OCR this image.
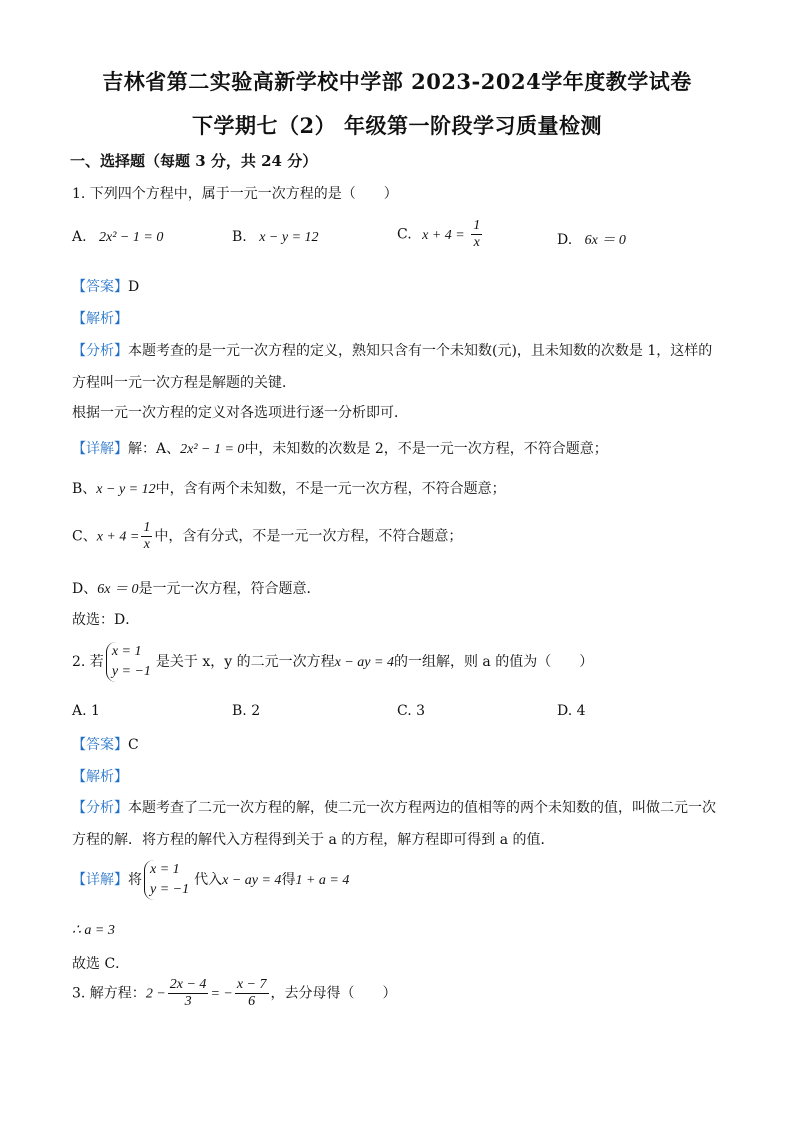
吉林省第二实验高新学校中学部 2023-2024学年度教学试卷
下学期七（2） 年级第一阶段学习质量检测
一、选择题（每题 3 分，共 24 分）
1. 下列四个方程中，属于一元一次方程的是（　　）
A. 2x² − 1 = 0	B. x − y = 12	C. $x + 4 = \frac{1}{x}$	D. 6x ＝ 0
【答案】D
【解析】
【分析】本题考查的是一元一次方程的定义，熟知只含有一个未知数(元)，且未知数的次数是 1，这样的
方程叫一元一次方程是解题的关键．
根据一元一次方程的定义对各选项进行逐一分析即可．
【详解】解：A、2x² − 1 = 0中，未知数的次数是 2，不是一元一次方程，不符合题意；
B、x − y = 12中，含有两个未知数，不是一元一次方程，不符合题意；
C、$x + 4 = \frac{1}{x}$ 中，含有分式，不是一元一次方程，不符合题意；
D、6x ＝ 0是一元一次方程，符合题意．
故选：D．
2. 若
x = 1
y = −1
是关于 x，y 的二元一次方程x − ay = 4的一组解，则 a 的值为（　　）
A. 1	B. 2	C. 3	D. 4
【答案】C
【解析】
【分析】本题考查了二元一次方程的解，使二元一次方程两边的值相等的两个未知数的值，叫做二元一次
方程的解．将方程的解代入方程得到关于 a 的方程，解方程即可得到 a 的值．
【详解】将
x = 1
y = −1
代入x − ay = 4得1 + a = 4
∴ a = 3
故选 C．
3. 解方程：$2 - \frac{2x - 4}{3}$ = − $\frac{x - 7}{6}$ ，去分母得（　　）
